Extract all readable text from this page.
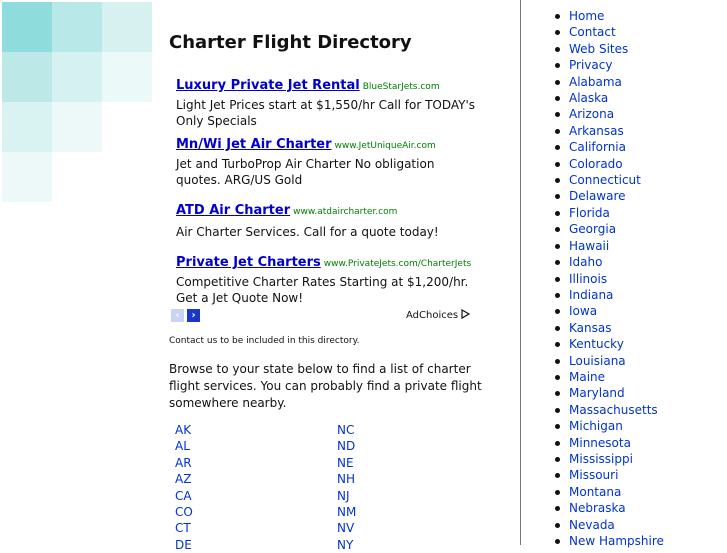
Charter Flight Directory
Luxury Private Jet Rental BlueStarJets.com
Light Jet Prices start at $1,550/hr Call for TODAY's Only Specials
Mn/Wi Jet Air Charter www.JetUniqueAir.com
Jet and TurboProp Air Charter No obligation quotes. ARG/US Gold
ATD Air Charter www.atdaircharter.com
Air Charter Services. Call for a quote today!
Private Jet Charters www.PrivateJets.com/CharterJets
Competitive Charter Rates Starting at $1,200/hr. Get a Jet Quote Now!
‹	›	AdChoices
Contact us to be included in this directory.
Browse to your state below to find a list of charter flight services. You can probably find a private flight somewhere nearby.
AK
AL
AR
AZ
CA
CO
CT
DE
NC
ND
NE
NH
NJ
NM
NV
NY
Home
Contact
Web Sites
Privacy
Alabama
Alaska
Arizona
Arkansas
California
Colorado
Connecticut
Delaware
Florida
Georgia
Hawaii
Idaho
Illinois
Indiana
Iowa
Kansas
Kentucky
Louisiana
Maine
Maryland
Massachusetts
Michigan
Minnesota
Mississippi
Missouri
Montana
Nebraska
Nevada
New Hampshire
